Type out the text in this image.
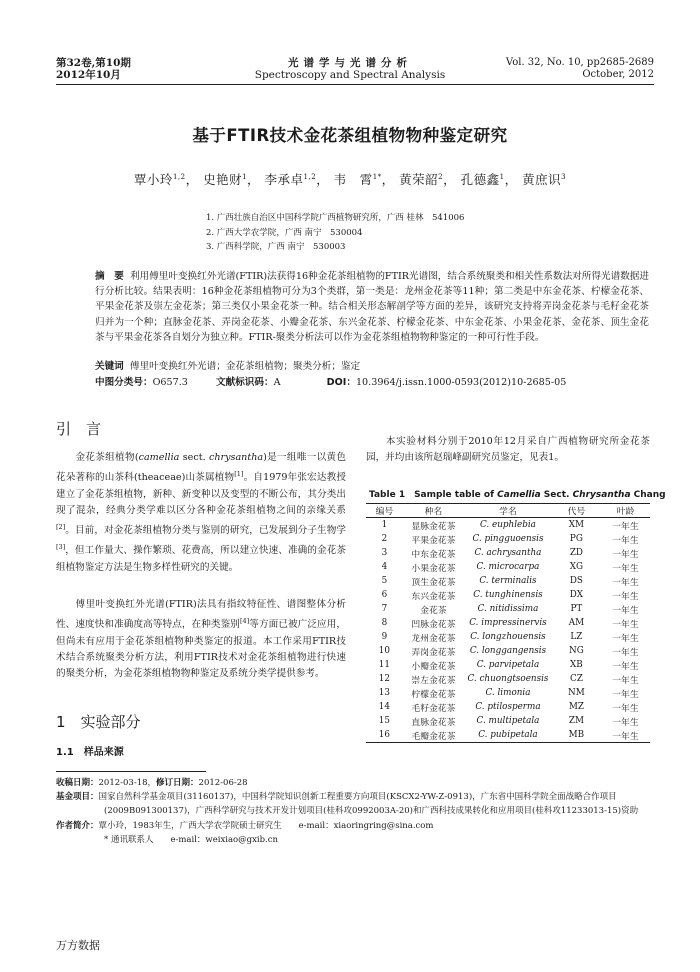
第32卷,第10期
2012年10月
光谱学与光谱分析
Spectroscopy and Spectral Analysis
Vol. 32, No. 10, pp2685-2689
October, 2012
基于FTIR技术金花茶组植物物种鉴定研究
覃小玲$^{1,2}$， 史艳财$^1$， 李承卓$^{1,2}$， 韦　霄$^{1*}$， 黄荣韶$^2$， 孔德鑫$^1$， 黄庶识$^3$
1. 广西壮族自治区中国科学院广西植物研究所，广西 桂林　541006
2. 广西大学农学院，广西 南宁　530004
3. 广西科学院，广西 南宁　530003
摘　要 利用傅里叶变换红外光谱(FTIR)法获得16种金花茶组植物的FTIR光谱图，结合系统聚类和相关性系数法对所得光谱数据进行分析比较。结果表明：16种金花茶组植物可分为3个类群，第一类是：龙州金花茶等11种；第二类是中东金花茶、柠檬金花茶、平果金花茶及崇左金花茶；第三类仅小果金花茶一种。结合相关形态解剖学等方面的差异，该研究支持将弄岗金花茶与毛籽金花茶归并为一个种；直脉金花茶、弄岗金花茶、小瓣金花茶、东兴金花茶、柠檬金花茶、中东金花茶、小果金花茶、金花茶、顶生金花茶与平果金花茶各自划分为独立种。FTIR-聚类分析法可以作为金花茶组植物物种鉴定的一种可行性手段。
关键词 傅里叶变换红外光谱；金花茶组植物；聚类分析；鉴定
中图分类号：O657.3	文献标识码：A	DOI：10.3964/j.issn.1000-0593(2012)10-2685-05
引　言
  金花茶组植物(camellia sect. chrysantha)是一组唯一以黄色花朵著称的山茶科(theaceae)山茶属植物[1]。自1979年张宏达教授建立了金花茶组植物，新种、新变种以及变型的不断公布，其分类出现了混杂，经典分类学难以区分各种金花茶组植物之间的亲缘关系[2]。目前，对金花茶组植物分类与鉴别的研究，已发展到分子生物学[3]，但工作量大、操作繁琐、花费高，所以建立快速、准确的金花茶组植物鉴定方法是生物多样性研究的关键。
  傅里叶变换红外光谱(FTIR)法具有指纹特征性、谱图整体分析性、速度快和准确度高等特点，在种类鉴别[4]等方面已被广泛应用，但尚未有应用于金花茶组植物种类鉴定的报道。本工作采用FTIR技术结合系统聚类分析方法，利用FTIR技术对金花茶组植物进行快速的聚类分析，为金花茶组植物物种鉴定及系统分类学提供参考。
1　实验部分
1.1　样品来源
  本实验材料分别于2010年12月采自广西植物研究所金花茶园，并均由该所赵瑞峰副研究员鉴定，见表1。
Table 1　Sample table of Camellia Sect. Chrysantha Chang
编号	种名	学名	代号	叶龄
1	显脉金花茶	C. euphlebia	XM	一年生
2	平果金花茶	C. pingguoensis	PG	一年生
3	中东金花茶	C. achrysantha	ZD	一年生
4	小果金花茶	C. microcarpa	XG	一年生
5	顶生金花茶	C. terminalis	DS	一年生
6	东兴金花茶	C. tunghinensis	DX	一年生
7	金花茶	C. nitidissima	PT	一年生
8	凹脉金花茶	C. impressinervis	AM	一年生
9	龙州金花茶	C. longzhouensis	LZ	一年生
10	弄岗金花茶	C. longgangensis	NG	一年生
11	小瓣金花茶	C. parvipetala	XB	一年生
12	崇左金花茶	C. chuongtsoensis	CZ	一年生
13	柠檬金花茶	C. limonia	NM	一年生
14	毛籽金花茶	C. ptilosperma	MZ	一年生
15	直脉金花茶	C. multipetala	ZM	一年生
16	毛瓣金花茶	C. pubipetala	MB	一年生
收稿日期：2012-03-18，修订日期：2012-06-28
基金项目：国家自然科学基金项目(31160137)，中国科学院知识创新工程重要方向项目(KSCX2-YW-Z-0913)，广东省中国科学院全面战略合作项目(2009B091300137)，广西科学研究与技术开发计划项目(桂科攻0992003A-20)和广西科技成果转化和应用项目(桂科攻11233013-15)资助
作者简介：覃小玲，1983年生，广西大学农学院硕士研究生　　e-mail：xiaoringring@sina.com
* 通讯联系人　　e-mail：weixiao@gxib.cn
万方数据
